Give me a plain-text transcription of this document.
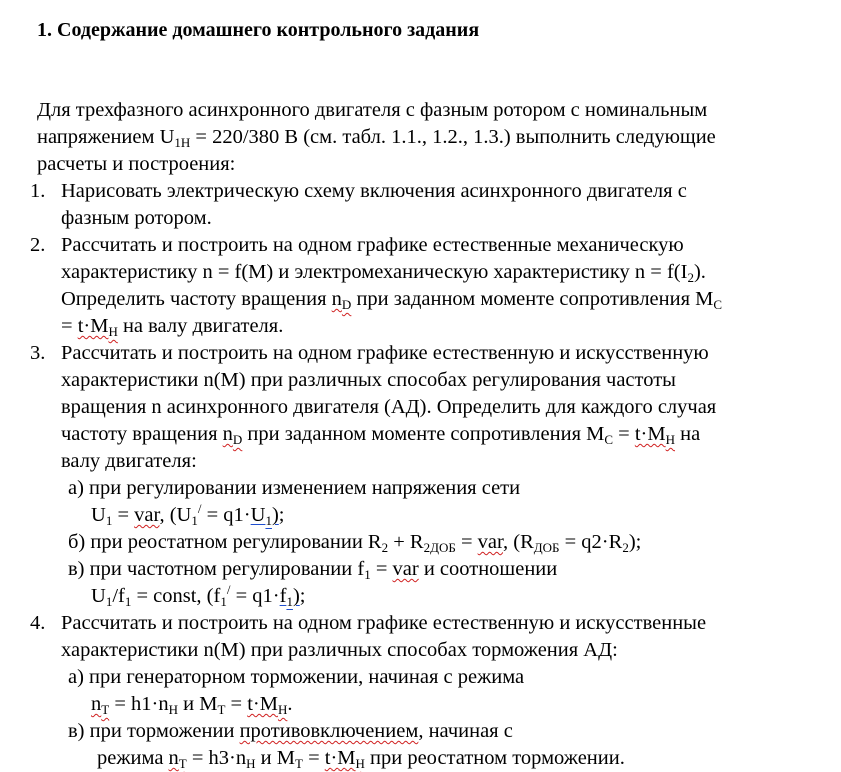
1. Содержание домашнего контрольного задания
Для трехфазного асинхронного двигателя с фазным ротором с номинальным
напряжением $U_{1Н} = 220/380$ В (см. табл. 1.1., 1.2., 1.3.) выполнить следующие
расчеты и построения:
1. Нарисовать электрическую схему включения асинхронного двигателя с
фазным ротором.
2. Рассчитать и построить на одном графике естественные механическую
характеристику n = f(M) и электромеханическую характеристику $n = f(I_2)$.
Определить частоту вращения $n_D$ при заданном моменте сопротивления $M_C$
= $t\cdot M_Н$ на валу двигателя.
3. Рассчитать и построить на одном графике естественную и искусственную
характеристики n(M) при различных способах регулирования частоты
вращения n асинхронного двигателя (АД). Определить для каждого случая
частоту вращения $n_D$ при заданном моменте сопротивления $M_C = t\cdot M_Н$ на
валу двигателя:
а) при регулировании изменением напряжения сети
$U_1$ = var, $(U_1^/ = q1\cdot U_1)$;
б) при реостатном регулировании $R_2 + R_{2ДОБ}$ = var, $(R_{ДОБ} = q2\cdot R_2)$;
в) при частотном регулировании $f_1$ = var и соотношении
$U_1/f_1$ = const, $(f_1^/ = q1\cdot f_1)$;
4. Рассчитать и построить на одном графике естественную и искусственные
характеристики n(M) при различных способах торможения АД:
а) при генераторном торможении, начиная с режима
$n_Т = h1\cdot n_Н$ и $M_Т = t\cdot M_Н$.
в) при торможении противовключением, начиная с
режима $n_Т = h3\cdot n_Н$ и $M_Т = t\cdot M_Н$ при реостатном торможении.
